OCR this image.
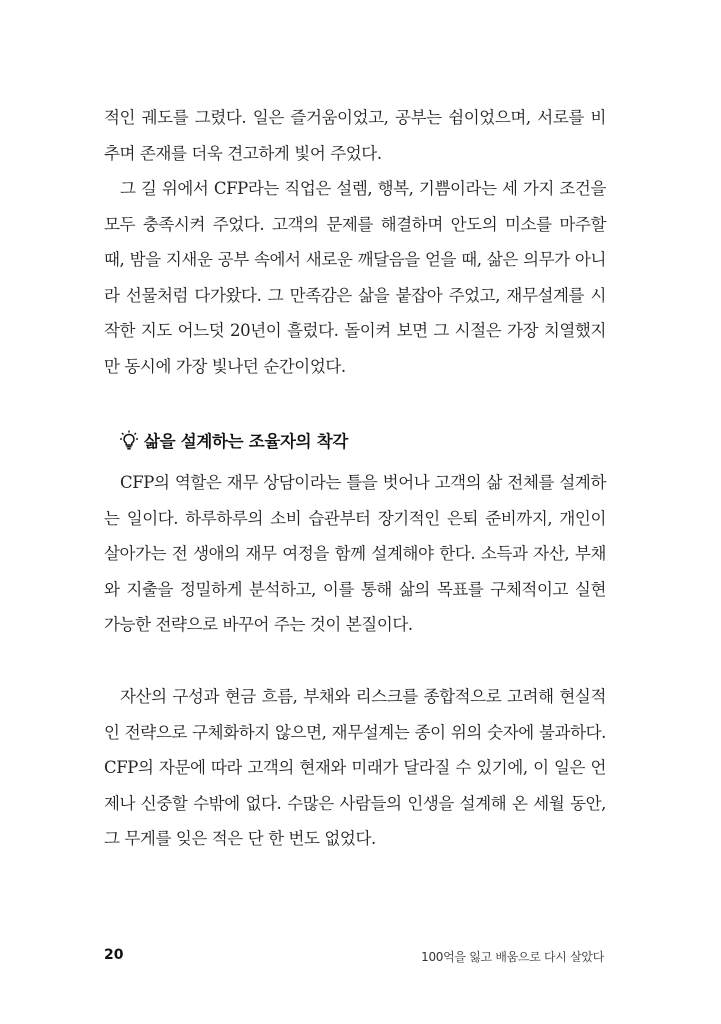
적인 궤도를 그렸다. 일은 즐거움이었고, 공부는 쉼이었으며, 서로를 비추며 존재를 더욱 견고하게 빛어 주었다.

그 길 위에서 CFP라는 직업은 설렘, 행복, 기쁨이라는 세 가지 조건을 모두 충족시켜 주었다. 고객의 문제를 해결하며 안도의 미소를 마주할 때, 밤을 지새운 공부 속에서 새로운 깨달음을 얻을 때, 삶은 의무가 아니라 선물처럼 다가왔다. 그 만족감은 삶을 붙잡아 주었고, 재무설계를 시작한 지도 어느덧 20년이 흘렀다. 돌이켜 보면 그 시절은 가장 치열했지만 동시에 가장 빛나던 순간이었다.

삶을 설계하는 조율자의 착각

CFP의 역할은 재무 상담이라는 틀을 벗어나 고객의 삶 전체를 설계하는 일이다. 하루하루의 소비 습관부터 장기적인 은퇴 준비까지, 개인이 살아가는 전 생애의 재무 여정을 함께 설계해야 한다. 소득과 자산, 부채와 지출을 정밀하게 분석하고, 이를 통해 삶의 목표를 구체적이고 실현 가능한 전략으로 바꾸어 주는 것이 본질이다.

자산의 구성과 현금 흐름, 부채와 리스크를 종합적으로 고려해 현실적인 전략으로 구체화하지 않으면, 재무설계는 종이 위의 숫자에 불과하다. CFP의 자문에 따라 고객의 현재와 미래가 달라질 수 있기에, 이 일은 언제나 신중할 수밖에 없다. 수많은 사람들의 인생을 설계해 온 세월 동안, 그 무게를 잊은 적은 단 한 번도 없었다.

20	100억을 잃고 배움으로 다시 살았다
